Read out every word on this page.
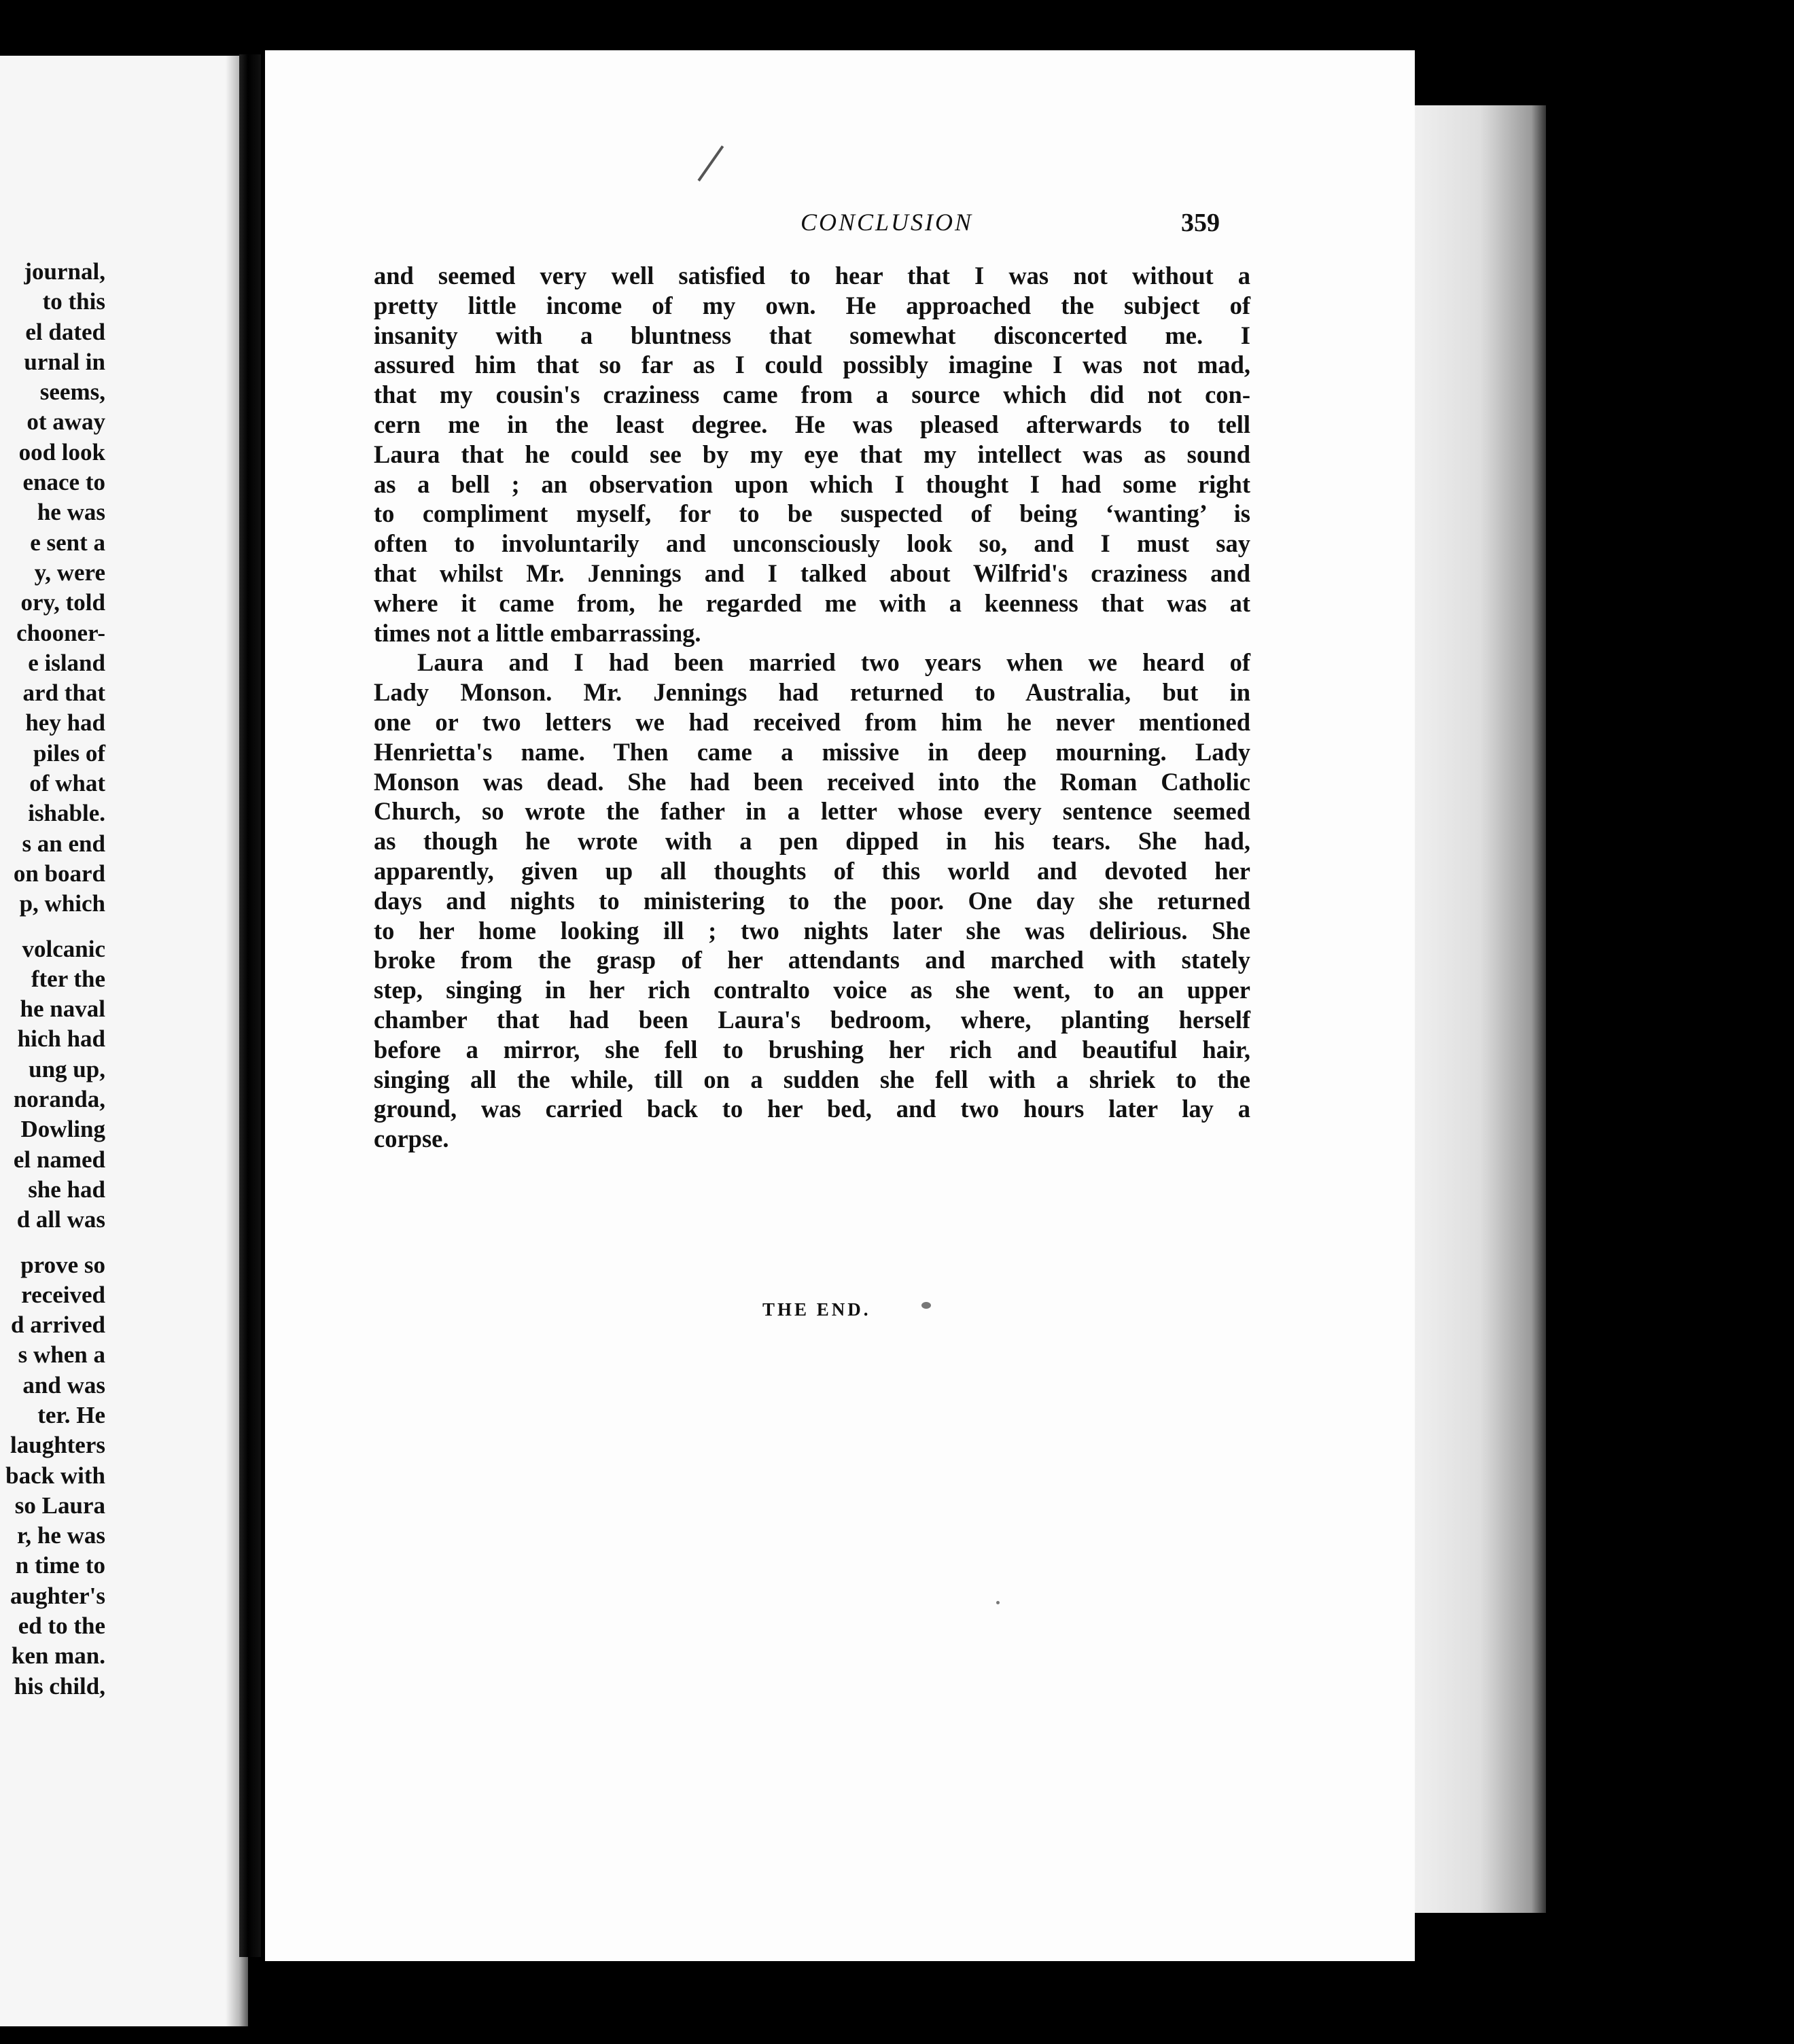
journal,
to this
el dated
urnal in
seems,
ot away
ood look
enace to
he was
e sent a
y, were
ory, told
chooner-
e island
ard that
hey had
piles of
of what
ishable.
s an end
on board
p, which
volcanic
fter the
he naval
hich had
ung up,
noranda,
Dowling
el named
she had
d all was
prove so
received
d arrived
s when a
and was
ter. He
laughters
back with
so Laura
r, he was
n time to
aughter's
ed to the
ken man.
his child,
CONCLUSION	359
and seemed very well satisfied to hear that I was not without a
pretty little income of my own. He approached the subject of
insanity with a bluntness that somewhat disconcerted me. I
assured him that so far as I could possibly imagine I was not mad,
that my cousin's craziness came from a source which did not con-
cern me in the least degree. He was pleased afterwards to tell
Laura that he could see by my eye that my intellect was as sound
as a bell ; an observation upon which I thought I had some right
to compliment myself, for to be suspected of being ‘wanting’ is
often to involuntarily and unconsciously look so, and I must say
that whilst Mr. Jennings and I talked about Wilfrid's craziness and
where it came from, he regarded me with a keenness that was at
times not a little embarrassing.
Laura and I had been married two years when we heard of
Lady Monson. Mr. Jennings had returned to Australia, but in
one or two letters we had received from him he never mentioned
Henrietta's name. Then came a missive in deep mourning. Lady
Monson was dead. She had been received into the Roman Catholic
Church, so wrote the father in a letter whose every sentence seemed
as though he wrote with a pen dipped in his tears. She had,
apparently, given up all thoughts of this world and devoted her
days and nights to ministering to the poor. One day she returned
to her home looking ill ; two nights later she was delirious. She
broke from the grasp of her attendants and marched with stately
step, singing in her rich contralto voice as she went, to an upper
chamber that had been Laura's bedroom, where, planting herself
before a mirror, she fell to brushing her rich and beautiful hair,
singing all the while, till on a sudden she fell with a shriek to the
ground, was carried back to her bed, and two hours later lay a
corpse.
THE END.
